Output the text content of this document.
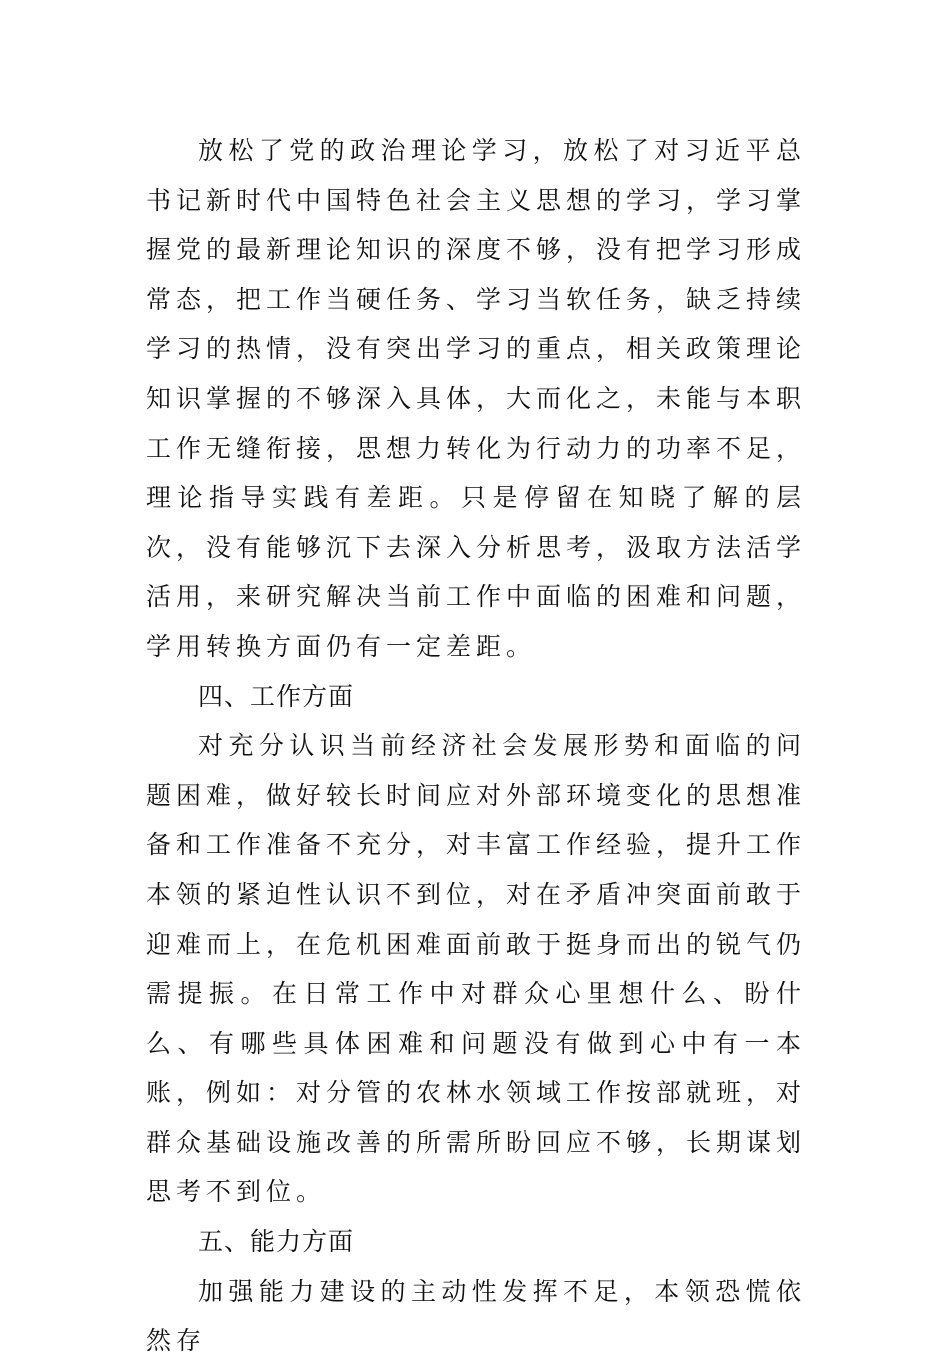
放松了党的政治理论学习，放松了对习近平总书记新时代中国特色社会主义思想的学习，学习掌握党的最新理论知识的深度不够，没有把学习形成常态，把工作当硬任务、学习当软任务，缺乏持续学习的热情，没有突出学习的重点，相关政策理论知识掌握的不够深入具体，大而化之，未能与本职工作无缝衔接，思想力转化为行动力的功率不足，理论指导实践有差距。只是停留在知晓了解的层次，没有能够沉下去深入分析思考，汲取方法活学活用，来研究解决当前工作中面临的困难和问题，学用转换方面仍有一定差距。

四、工作方面

对充分认识当前经济社会发展形势和面临的问题困难，做好较长时间应对外部环境变化的思想准备和工作准备不充分，对丰富工作经验，提升工作本领的紧迫性认识不到位，对在矛盾冲突面前敢于迎难而上，在危机困难面前敢于挺身而出的锐气仍需提振。在日常工作中对群众心里想什么、盼什么、有哪些具体困难和问题没有做到心中有一本账，例如：对分管的农林水领域工作按部就班，对群众基础设施改善的所需所盼回应不够，长期谋划思考不到位。

五、能力方面

加强能力建设的主动性发挥不足，本领恐慌依然存
